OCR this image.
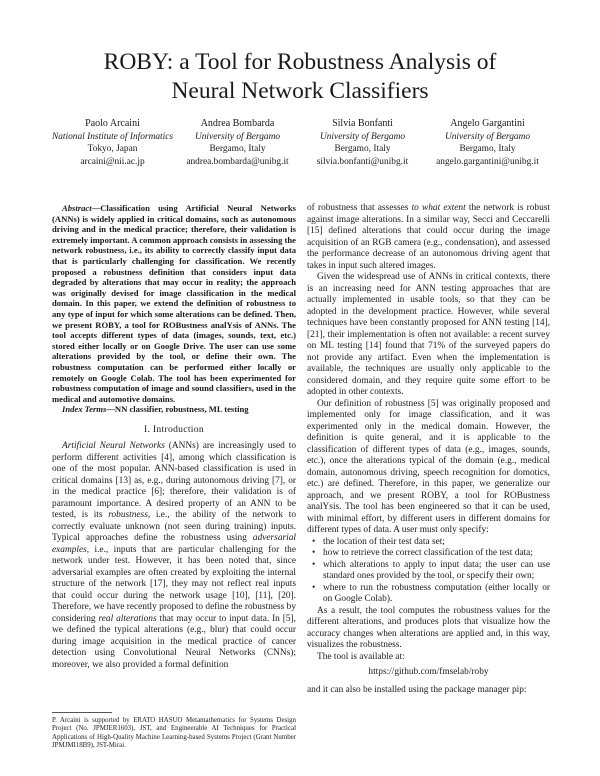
ROBY: a Tool for Robustness Analysis of
Neural Network Classifiers
Paolo Arcaini
National Institute of Informatics
Tokyo, Japan
arcaini@nii.ac.jp
Andrea Bombarda
University of Bergamo
Bergamo, Italy
andrea.bombarda@unibg.it
Silvia Bonfanti
University of Bergamo
Bergamo, Italy
silvia.bonfanti@unibg.it
Angelo Gargantini
University of Bergamo
Bergamo, Italy
angelo.gargantini@unibg.it

Abstract—Classification using Artificial Neural Networks (ANNs) is widely applied in critical domains, such as autonomous driving and in the medical practice; therefore, their validation is extremely important. A common approach consists in assessing the network robustness, i.e., its ability to correctly classify input data that is particularly challenging for classification. We recently proposed a robustness definition that considers input data degraded by alterations that may occur in reality; the approach was originally devised for image classification in the medical domain. In this paper, we extend the definition of robustness to any type of input for which some alterations can be defined. Then, we present ROBY, a tool for ROBustness analYsis of ANNs. The tool accepts different types of data (images, sounds, text, etc.) stored either locally or on Google Drive. The user can use some alterations provided by the tool, or define their own. The robustness computation can be performed either locally or remotely on Google Colab. The tool has been experimented for robustness computation of image and sound classifiers, used in the medical and automotive domains.

Index Terms—NN classifier, robustness, ML testing

I. Introduction

Artificial Neural Networks (ANNs) are increasingly used to perform different activities [4], among which classification is one of the most popular. ANN-based classification is used in critical domains [13] as, e.g., during autonomous driving [7], or in the medical practice [6]; therefore, their validation is of paramount importance. A desired property of an ANN to be tested, is its robustness, i.e., the ability of the network to correctly evaluate unknown (not seen during training) inputs. Typical approaches define the robustness using adversarial examples, i.e., inputs that are particular challenging for the network under test. However, it has been noted that, since adversarial examples are often created by exploiting the internal structure of the network [17], they may not reflect real inputs that could occur during the network usage [10], [11], [20]. Therefore, we have recently proposed to define the robustness by considering real alterations that may occur to input data. In [5], we defined the typical alterations (e.g., blur) that could occur during image acquisition in the medical practice of cancer detection using Convolutional Neural Networks (CNNs); moreover, we also provided a formal definition

P. Arcaini is supported by ERATO HASUO Metamathematics for Systems Design Project (No. JPMJER1603), JST, and Engineerable AI Techniques for Practical Applications of High-Quality Machine Learning-based Systems Project (Grant Number JPMJMI18B9), JST-Mirai.

of robustness that assesses to what extent the network is robust against image alterations. In a similar way, Secci and Ceccarelli [15] defined alterations that could occur during the image acquisition of an RGB camera (e.g., condensation), and assessed the performance decrease of an autonomous driving agent that takes in input such altered images.

Given the widespread use of ANNs in critical contexts, there is an increasing need for ANN testing approaches that are actually implemented in usable tools, so that they can be adopted in the development practice. However, while several techniques have been constantly proposed for ANN testing [14], [21], their implementation is often not available: a recent survey on ML testing [14] found that 71% of the surveyed papers do not provide any artifact. Even when the implementation is available, the techniques are usually only applicable to the considered domain, and they require quite some effort to be adopted in other contexts.

Our definition of robustness [5] was originally proposed and implemented only for image classification, and it was experimented only in the medical domain. However, the definition is quite general, and it is applicable to the classification of different types of data (e.g., images, sounds, etc.), once the alterations typical of the domain (e.g., medical domain, autonomous driving, speech recognition for domotics, etc.) are defined. Therefore, in this paper, we generalize our approach, and we present ROBY, a tool for ROBustness analYsis. The tool has been engineered so that it can be used, with minimal effort, by different users in different domains for different types of data. A user must only specify:

• the location of their test data set;
• how to retrieve the correct classification of the test data;
• which alterations to apply to input data; the user can use standard ones provided by the tool, or specify their own;
• where to run the robustness computation (either locally or on Google Colab).

As a result, the tool computes the robustness values for the different alterations, and produces plots that visualize how the accuracy changes when alterations are applied and, in this way, visualizes the robustness.

The tool is available at:

https://github.com/fmselab/roby

and it can also be installed using the package manager pip:
